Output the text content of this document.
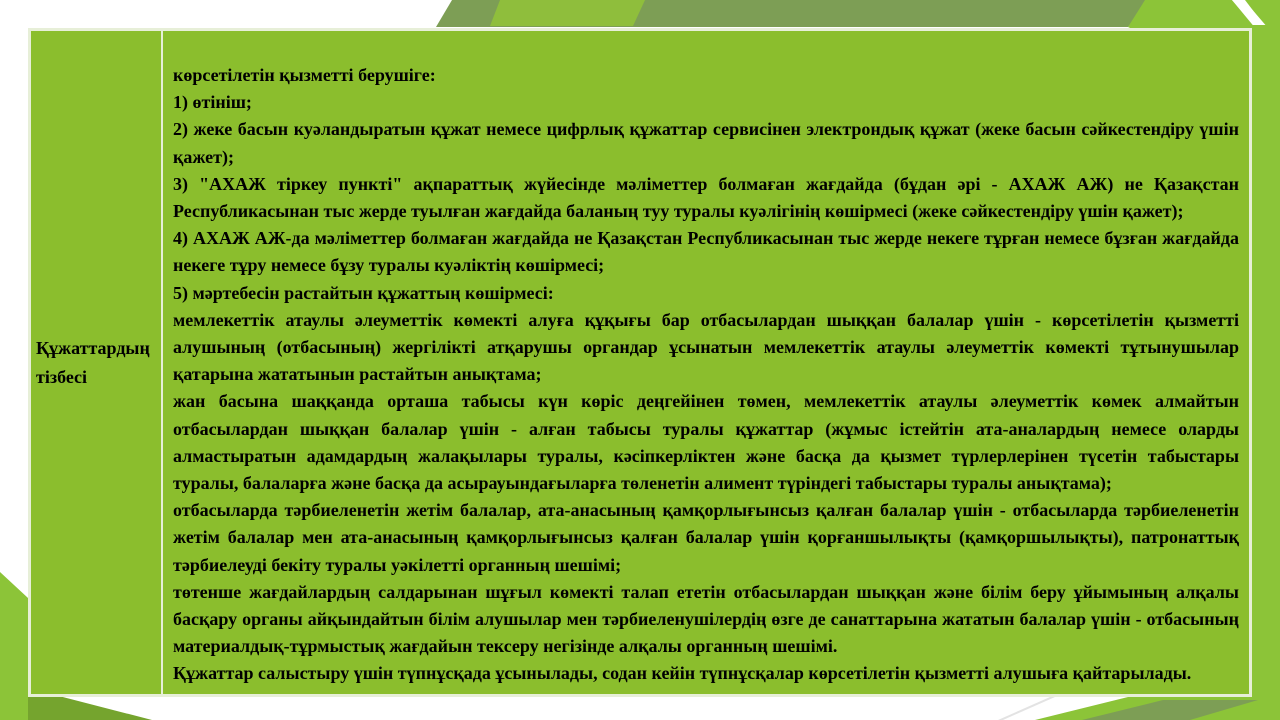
Құжаттардың тізбесі

көрсетілетін қызметті берушіге:

1) өтініш;

2) жеке басын куәландыратын құжат немесе цифрлық құжаттар сервисінен электрондық құжат (жеке басын сәйкестендіру үшін қажет);

3) "АХАЖ тіркеу пункті" ақпараттық жүйесінде мәліметтер болмаған жағдайда (бұдан әрі - АХАЖ АЖ) не Қазақстан Республикасынан тыс жерде туылған жағдайда баланың туу туралы куәлігінің көшірмесі (жеке сәйкестендіру үшін қажет);

4) АХАЖ АЖ-да мәліметтер болмаған жағдайда не Қазақстан Республикасынан тыс жерде некеге тұрған немесе бұзған жағдайда некеге тұру немесе бұзу туралы куәліктің көшірмесі;

5) мәртебесін растайтын құжаттың көшірмесі:

мемлекеттік атаулы әлеуметтік көмекті алуға құқығы бар отбасылардан шыққан балалар үшін - көрсетілетін қызметті алушының (отбасының) жергілікті атқарушы органдар ұсынатын мемлекеттік атаулы әлеуметтік көмекті тұтынушылар қатарына жататынын растайтын анықтама;

жан басына шаққанда орташа табысы күн көріс деңгейінен төмен, мемлекеттік атаулы әлеуметтік көмек алмайтын отбасылардан шыққан балалар үшін - алған табысы туралы құжаттар (жұмыс істейтін ата-аналардың немесе оларды алмастыратын адамдардың жалақылары туралы, кәсіпкерліктен және басқа да қызмет түрлерлерінен түсетін табыстары туралы, балаларға және басқа да асырауындағыларға төленетін алимент түріндегі табыстары туралы анықтама);

отбасыларда тәрбиеленетін жетім балалар, ата-анасының қамқорлығынсыз қалған балалар үшін - отбасыларда тәрбиеленетін жетім балалар мен ата-анасының қамқорлығынсыз қалған балалар үшін қорғаншылықты (қамқоршылықты), патронаттық тәрбиелеуді бекіту туралы уәкілетті органның шешімі;

төтенше жағдайлардың салдарынан шұғыл көмекті талап ететін отбасылардан шыққан және білім беру ұйымының алқалы басқару органы айқындайтын білім алушылар мен тәрбиеленушілердің өзге де санаттарына жататын балалар үшін - отбасының материалдық-тұрмыстық жағдайын тексеру негізінде алқалы органның шешімі.

Құжаттар салыстыру үшін түпнұсқада ұсынылады, содан кейін түпнұсқалар көрсетілетін қызметті алушыға қайтарылады.
